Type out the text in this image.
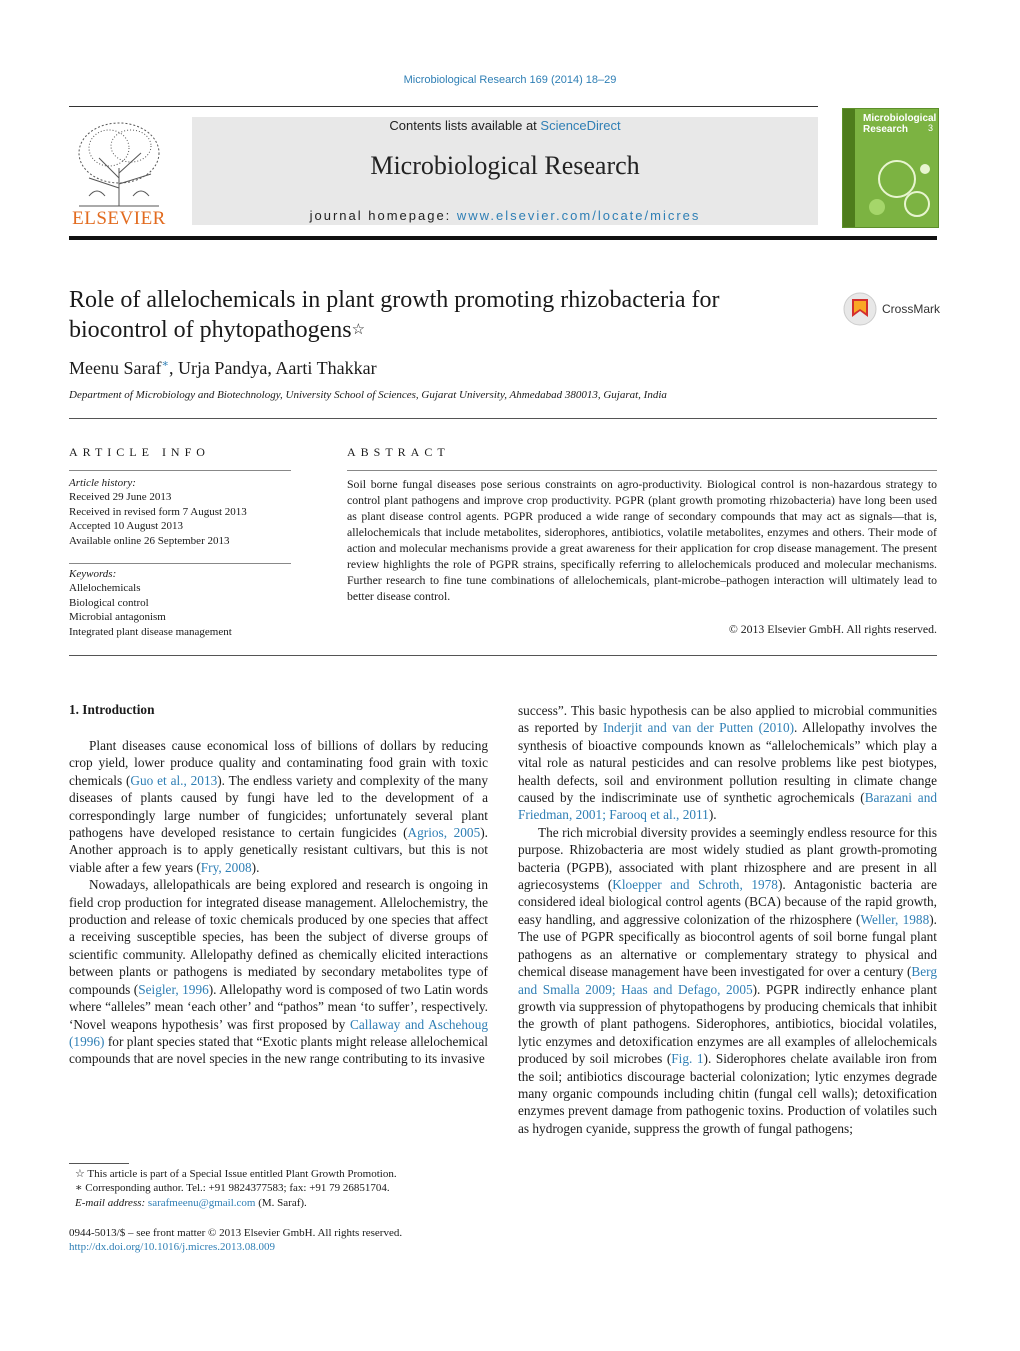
Microbiological Research 169 (2014) 18–29
ELSEVIER
Contents lists available at ScienceDirect
Microbiological Research
journal homepage: www.elsevier.com/locate/micres
Microbiological
Research	3
Role of allelochemicals in plant growth promoting rhizobacteria for biocontrol of phytopathogens☆
CrossMark
Meenu Saraf∗, Urja Pandya, Aarti Thakkar
Department of Microbiology and Biotechnology, University School of Sciences, Gujarat University, Ahmedabad 380013, Gujarat, India
ARTICLE INFO
Article history:
Received 29 June 2013
Received in revised form 7 August 2013
Accepted 10 August 2013
Available online 26 September 2013
Keywords:
Allelochemicals
Biological control
Microbial antagonism
Integrated plant disease management
ABSTRACT
Soil borne fungal diseases pose serious constraints on agro-productivity. Biological control is non-hazardous strategy to control plant pathogens and improve crop productivity. PGPR (plant growth promoting rhizobacteria) have long been used as plant disease control agents. PGPR produced a wide range of secondary compounds that may act as signals—that is, allelochemicals that include metabolites, siderophores, antibiotics, volatile metabolites, enzymes and others. Their mode of action and molecular mechanisms provide a great awareness for their application for crop disease management. The present review highlights the role of PGPR strains, specifically referring to allelochemicals produced and molecular mechanisms. Further research to fine tune combinations of allelochemicals, plant-microbe–pathogen interaction will ultimately lead to better disease control.
© 2013 Elsevier GmbH. All rights reserved.
1. Introduction

Plant diseases cause economical loss of billions of dollars by reducing crop yield, lower produce quality and contaminating food grain with toxic chemicals (Guo et al., 2013). The endless variety and complexity of the many diseases of plants caused by fungi have led to the development of a correspondingly large number of fungicides; unfortunately several plant pathogens have developed resistance to certain fungicides (Agrios, 2005). Another approach is to apply genetically resistant cultivars, but this is not viable after a few years (Fry, 2008).

Nowadays, allelopathicals are being explored and research is ongoing in field crop production for integrated disease management. Allelochemistry, the production and release of toxic chemicals produced by one species that affect a receiving susceptible species, has been the subject of diverse groups of scientific community. Allelopathy defined as chemically elicited interactions between plants or pathogens is mediated by secondary metabolites type of compounds (Seigler, 1996). Allelopathy word is composed of two Latin words where “alleles” mean ‘each other’ and “pathos” mean ‘to suffer’, respectively. ‘Novel weapons hypothesis’ was first proposed by Callaway and Aschehoug (1996) for plant species stated that “Exotic plants might release allelochemical compounds that are novel species in the new range contributing to its invasive

success”. This basic hypothesis can be also applied to microbial communities as reported by Inderjit and van der Putten (2010). Allelopathy involves the synthesis of bioactive compounds known as “allelochemicals” which play a vital role as natural pesticides and can resolve problems like pest biotypes, health defects, soil and environment pollution resulting in climate change caused by the indiscriminate use of synthetic agrochemicals (Barazani and Friedman, 2001; Farooq et al., 2011).

The rich microbial diversity provides a seemingly endless resource for this purpose. Rhizobacteria are most widely studied as plant growth-promoting bacteria (PGPB), associated with plant rhizosphere and are present in all agriecosystems (Kloepper and Schroth, 1978). Antagonistic bacteria are considered ideal biological control agents (BCA) because of the rapid growth, easy handling, and aggressive colonization of the rhizosphere (Weller, 1988). The use of PGPR specifically as biocontrol agents of soil borne fungal plant pathogens as an alternative or complementary strategy to physical and chemical disease management have been investigated for over a century (Berg and Smalla 2009; Haas and Defago, 2005). PGPR indirectly enhance plant growth via suppression of phytopathogens by producing chemicals that inhibit the growth of plant pathogens. Siderophores, antibiotics, biocidal volatiles, lytic enzymes and detoxification enzymes are all examples of allelochemicals produced by soil microbes (Fig. 1). Siderophores chelate available iron from the soil; antibiotics discourage bacterial colonization; lytic enzymes degrade many organic compounds including chitin (fungal cell walls); detoxification enzymes prevent damage from pathogenic toxins. Production of volatiles such as hydrogen cyanide, suppress the growth of fungal pathogens;

☆ This article is part of a Special Issue entitled Plant Growth Promotion.
∗ Corresponding author. Tel.: +91 9824377583; fax: +91 79 26851704.
E-mail address: sarafmeenu@gmail.com (M. Saraf).
0944-5013/$ – see front matter © 2013 Elsevier GmbH. All rights reserved.
http://dx.doi.org/10.1016/j.micres.2013.08.009
